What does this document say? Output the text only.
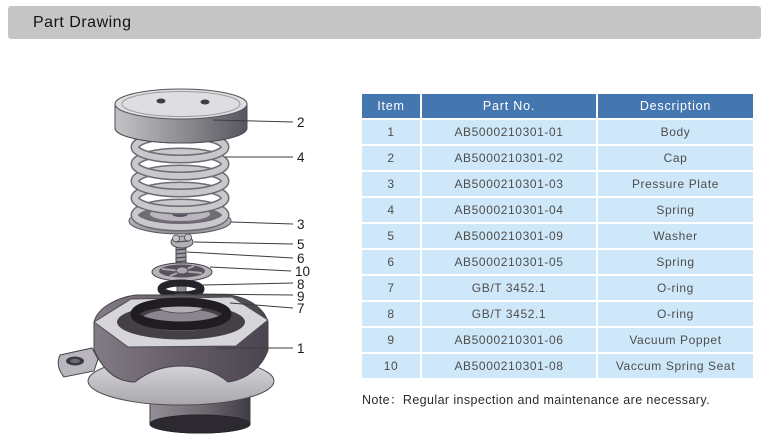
Part Drawing
2
4
3
5
6
10
8
9
7
1
Item	Part No.	Description
1	AB5000210301-01	Body
2	AB5000210301-02	Cap
3	AB5000210301-03	Pressure Plate
4	AB5000210301-04	Spring
5	AB5000210301-09	Washer
6	AB5000210301-05	Spring
7	GB/T 3452.1	O-ring
8	GB/T 3452.1	O-ring
9	AB5000210301-06	Vacuum Poppet
10	AB5000210301-08	Vaccum Spring Seat
Note：Regular inspection and maintenance are necessary.
